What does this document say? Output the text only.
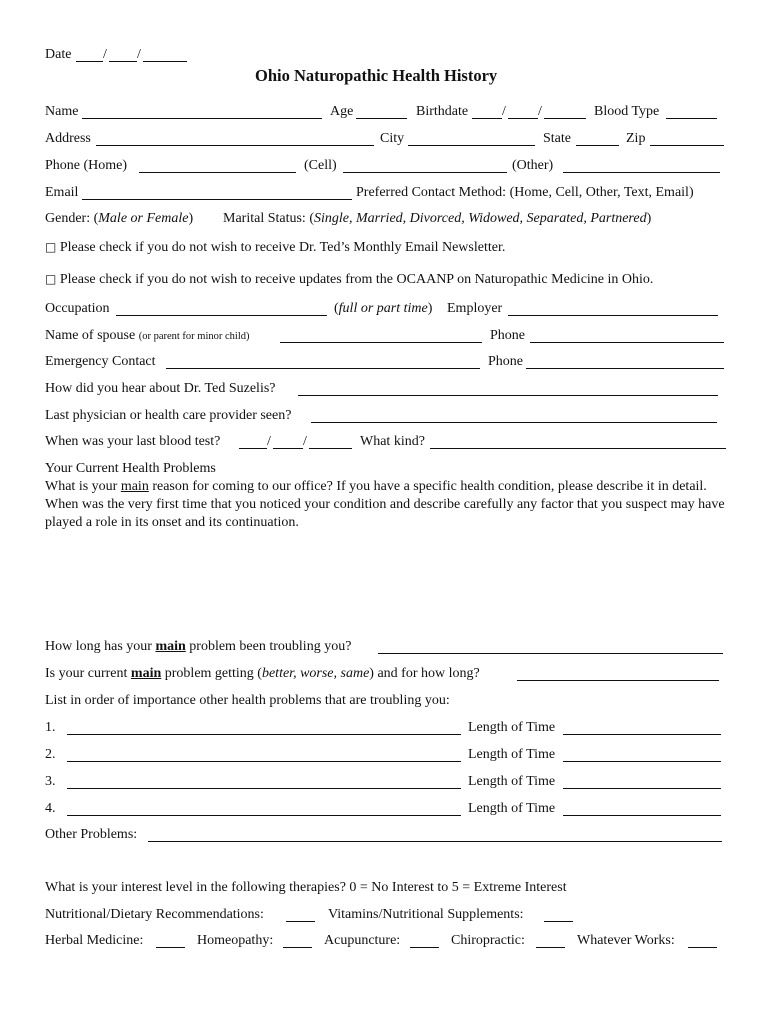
Date / /
Ohio Naturopathic Health History
Name	Age	Birthdate / /	Blood Type
Address	City	State	Zip
Phone (Home)	(Cell)	(Other)
Email	Preferred Contact Method: (Home, Cell, Other, Text, Email)
Gender: (Male or Female) Marital Status: (Single, Married, Divorced, Widowed, Separated, Partnered)
□ Please check if you do not wish to receive Dr. Ted’s Monthly Email Newsletter.
□ Please check if you do not wish to receive updates from the OCAANP on Naturopathic Medicine in Ohio.
Occupation	(full or part time) Employer
Name of spouse (or parent for minor child)	Phone
Emergency Contact	Phone
How did you hear about Dr. Ted Suzelis?
Last physician or health care provider seen?
When was your last blood test?	/ /	What kind?
Your Current Health Problems
What is your main reason for coming to our office? If you have a specific health condition, please describe it in detail. When was the very first time that you noticed your condition and describe carefully any factor that you suspect may have played a role in its onset and its continuation.
How long has your main problem been troubling you?
Is your current main problem getting (better, worse, same) and for how long?
List in order of importance other health problems that are troubling you:
1.	Length of Time
2.	Length of Time
3.	Length of Time
4.	Length of Time
Other Problems:
What is your interest level in the following therapies? 0 = No Interest to 5 = Extreme Interest
Nutritional/Dietary Recommendations:	Vitamins/Nutritional Supplements:
Herbal Medicine:	Homeopathy:	Acupuncture:	Chiropractic:	Whatever Works:
